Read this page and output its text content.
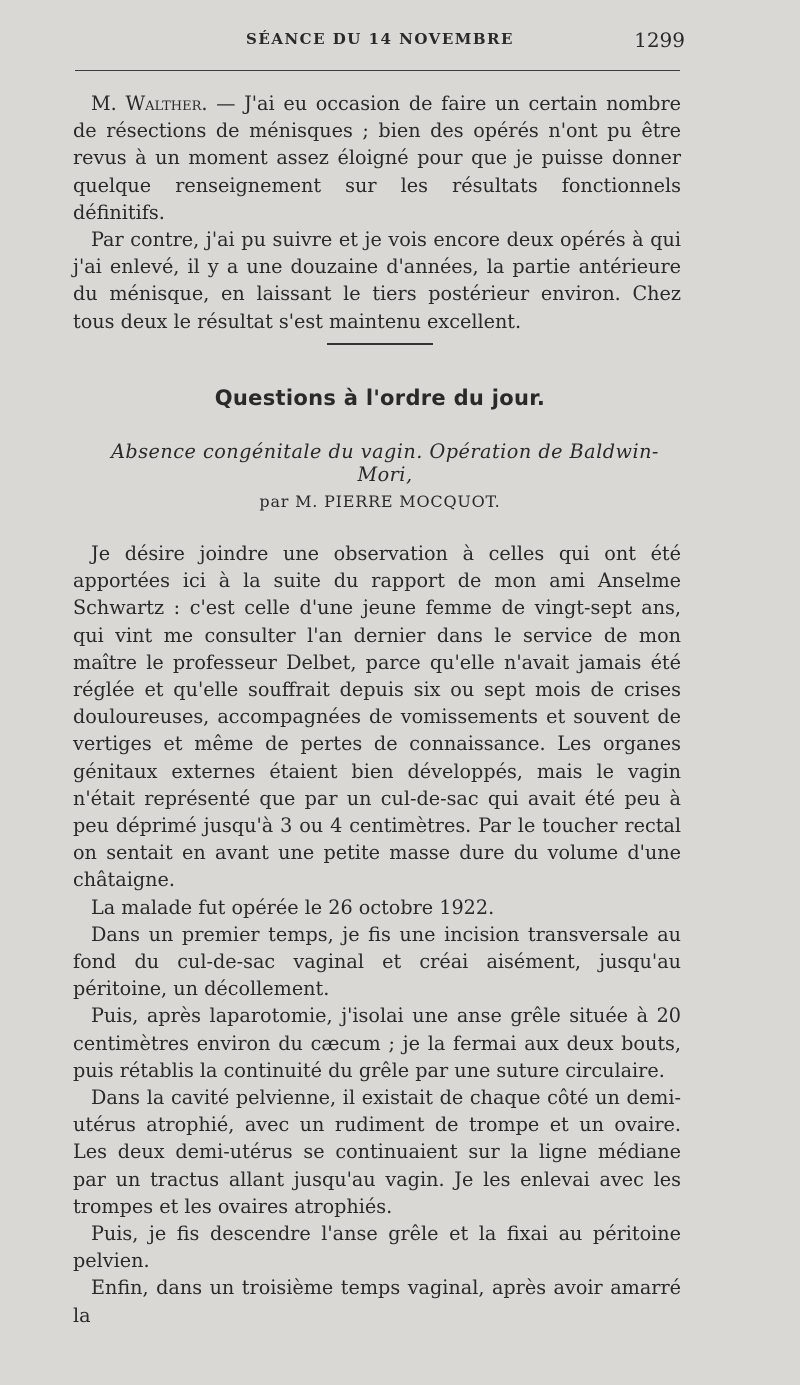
SÉANCE DU 14 NOVEMBRE	1299

M. Walther. — J'ai eu occasion de faire un certain nombre de résections de ménisques ; bien des opérés n'ont pu être revus à un moment assez éloigné pour que je puisse donner quelque renseignement sur les résultats fonctionnels définitifs.

Par contre, j'ai pu suivre et je vois encore deux opérés à qui j'ai enlevé, il y a une douzaine d'années, la partie antérieure du ménisque, en laissant le tiers postérieur environ. Chez tous deux le résultat s'est maintenu excellent.

Questions à l'ordre du jour.
Absence congénitale du vagin. Opération de Baldwin-Mori,
par M. PIERRE MOCQUOT.

Je désire joindre une observation à celles qui ont été apportées ici à la suite du rapport de mon ami Anselme Schwartz : c'est celle d'une jeune femme de vingt-sept ans, qui vint me consulter l'an dernier dans le service de mon maître le professeur Delbet, parce qu'elle n'avait jamais été réglée et qu'elle souffrait depuis six ou sept mois de crises douloureuses, accompagnées de vomissements et souvent de vertiges et même de pertes de connaissance. Les organes génitaux externes étaient bien développés, mais le vagin n'était représenté que par un cul-de-sac qui avait été peu à peu déprimé jusqu'à 3 ou 4 centimètres. Par le toucher rectal on sentait en avant une petite masse dure du volume d'une châtaigne.

La malade fut opérée le 26 octobre 1922.

Dans un premier temps, je fis une incision transversale au fond du cul-de-sac vaginal et créai aisément, jusqu'au péritoine, un décollement.

Puis, après laparotomie, j'isolai une anse grêle située à 20 centimètres environ du cæcum ; je la fermai aux deux bouts, puis rétablis la continuité du grêle par une suture circulaire.

Dans la cavité pelvienne, il existait de chaque côté un demi-utérus atrophié, avec un rudiment de trompe et un ovaire. Les deux demi-utérus se continuaient sur la ligne médiane par un tractus allant jusqu'au vagin. Je les enlevai avec les trompes et les ovaires atrophiés.

Puis, je fis descendre l'anse grêle et la fixai au péritoine pelvien.

Enfin, dans un troisième temps vaginal, après avoir amarré la
